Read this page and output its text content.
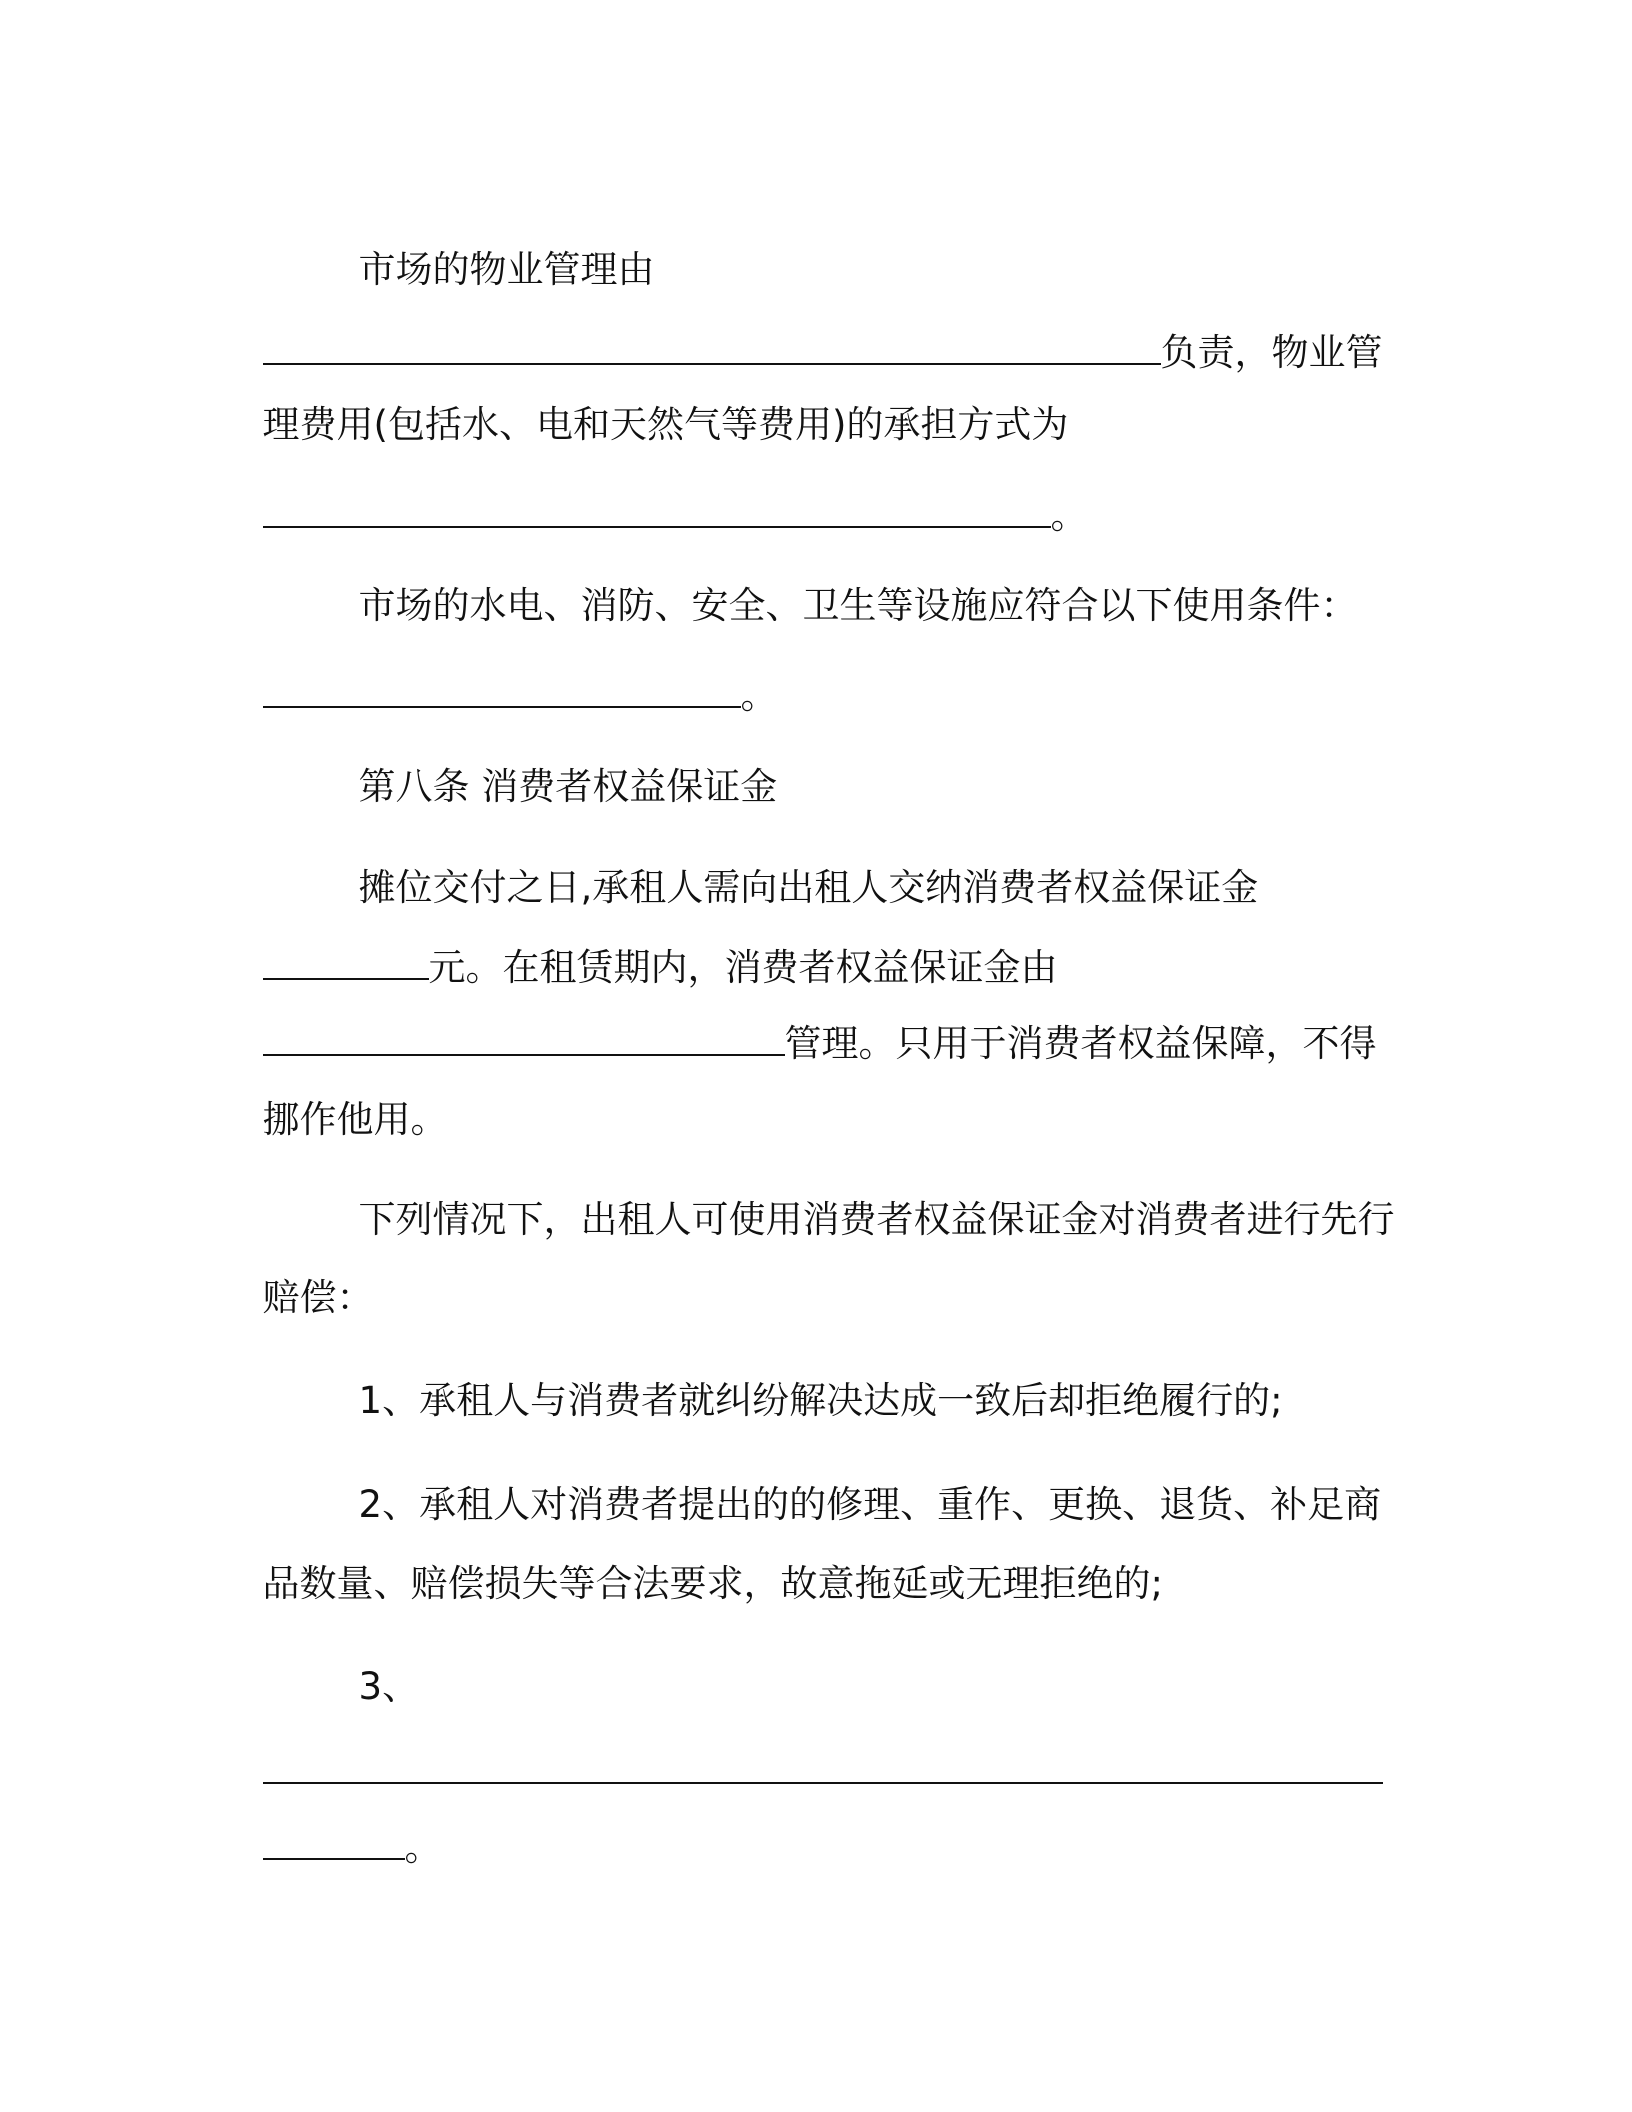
市场的物业管理由

负责，物业管

理费用(包括水、电和天然气等费用)的承担方式为

。

市场的水电、消防、安全、卫生等设施应符合以下使用条件：

。

第八条 消费者权益保证金

摊位交付之日,承租人需向出租人交纳消费者权益保证金

元。在租赁期内，消费者权益保证金由

管理。只用于消费者权益保障，不得

挪作他用。

下列情况下，出租人可使用消费者权益保证金对消费者进行先行

赔偿：

1、承租人与消费者就纠纷解决达成一致后却拒绝履行的;

2、承租人对消费者提出的的修理、重作、更换、退货、补足商

品数量、赔偿损失等合法要求，故意拖延或无理拒绝的;

3、

。
